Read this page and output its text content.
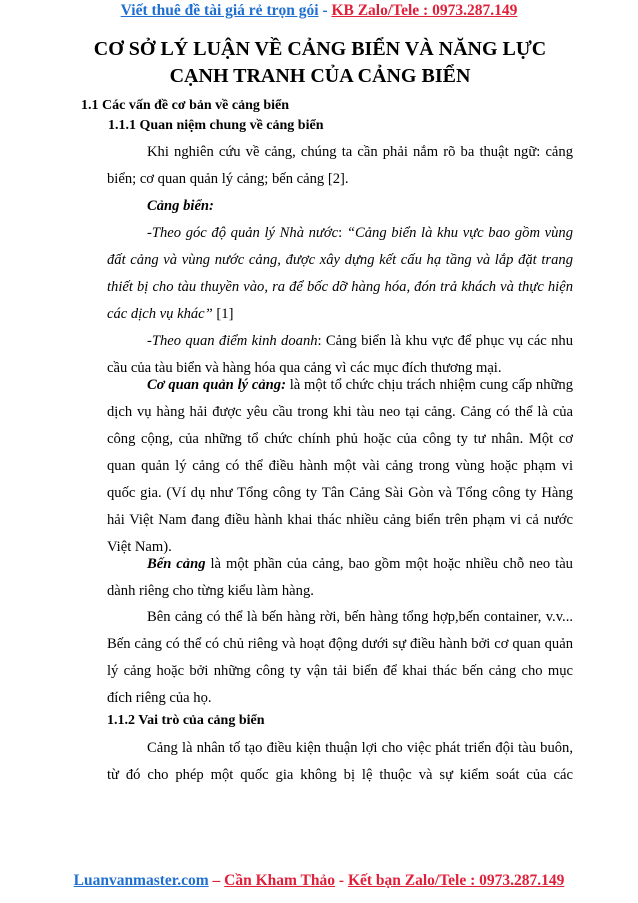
Viết thuê đề tài giá rẻ trọn gói - KB Zalo/Tele : 0973.287.149
CƠ SỞ LÝ LUẬN VỀ CẢNG BIỂN VÀ NĂNG LỰC
CẠNH TRANH CỦA CẢNG BIỂN
1.1 Các vấn đề cơ bản về cảng biển
1.1.1 Quan niệm chung về cảng biển
Khi nghiên cứu về cảng, chúng ta cần phải nắm rõ ba thuật ngữ: cảng biển; cơ quan quản lý cảng; bến cảng [2].
Cảng biển:
-Theo góc độ quản lý Nhà nước: “Cảng biển là khu vực bao gồm vùng đất cảng và vùng nước cảng, được xây dựng kết cấu hạ tầng và lắp đặt trang thiết bị cho tàu thuyền vào, ra để bốc dỡ hàng hóa, đón trả khách và thực hiện các dịch vụ khác” [1]
-Theo quan điểm kinh doanh: Cảng biển là khu vực để phục vụ các nhu cầu của tàu biển và hàng hóa qua cảng vì các mục đích thương mại.
Cơ quan quản lý cảng: là một tổ chức chịu trách nhiệm cung cấp những dịch vụ hàng hải được yêu cầu trong khi tàu neo tại cảng. Cảng có thể là của công cộng, của những tổ chức chính phủ hoặc của công ty tư nhân. Một cơ quan quản lý cảng có thể điều hành một vài cảng trong vùng hoặc phạm vi quốc gia. (Ví dụ như Tổng công ty Tân Cảng Sài Gòn và Tổng công ty Hàng hải Việt Nam đang điều hành khai thác nhiều cảng biển trên phạm vi cả nước Việt Nam).
Bến cảng là một phần của cảng, bao gồm một hoặc nhiều chỗ neo tàu dành riêng cho từng kiểu làm hàng.
Bên cảng có thể là bến hàng rời, bến hàng tổng hợp,bến container, v.v... Bến cảng có thể có chủ riêng và hoạt động dưới sự điều hành bởi cơ quan quản lý cảng hoặc bởi những công ty vận tải biển để khai thác bến cảng cho mục đích riêng của họ.
1.1.2 Vai trò của cảng biển
Cảng là nhân tố tạo điều kiện thuận lợi cho việc phát triển đội tàu buôn, từ đó cho phép một quốc gia không bị lệ thuộc và sự kiểm soát của các
Luanvanmaster.com – Cần Kham Thảo - Kết bạn Zalo/Tele : 0973.287.149
